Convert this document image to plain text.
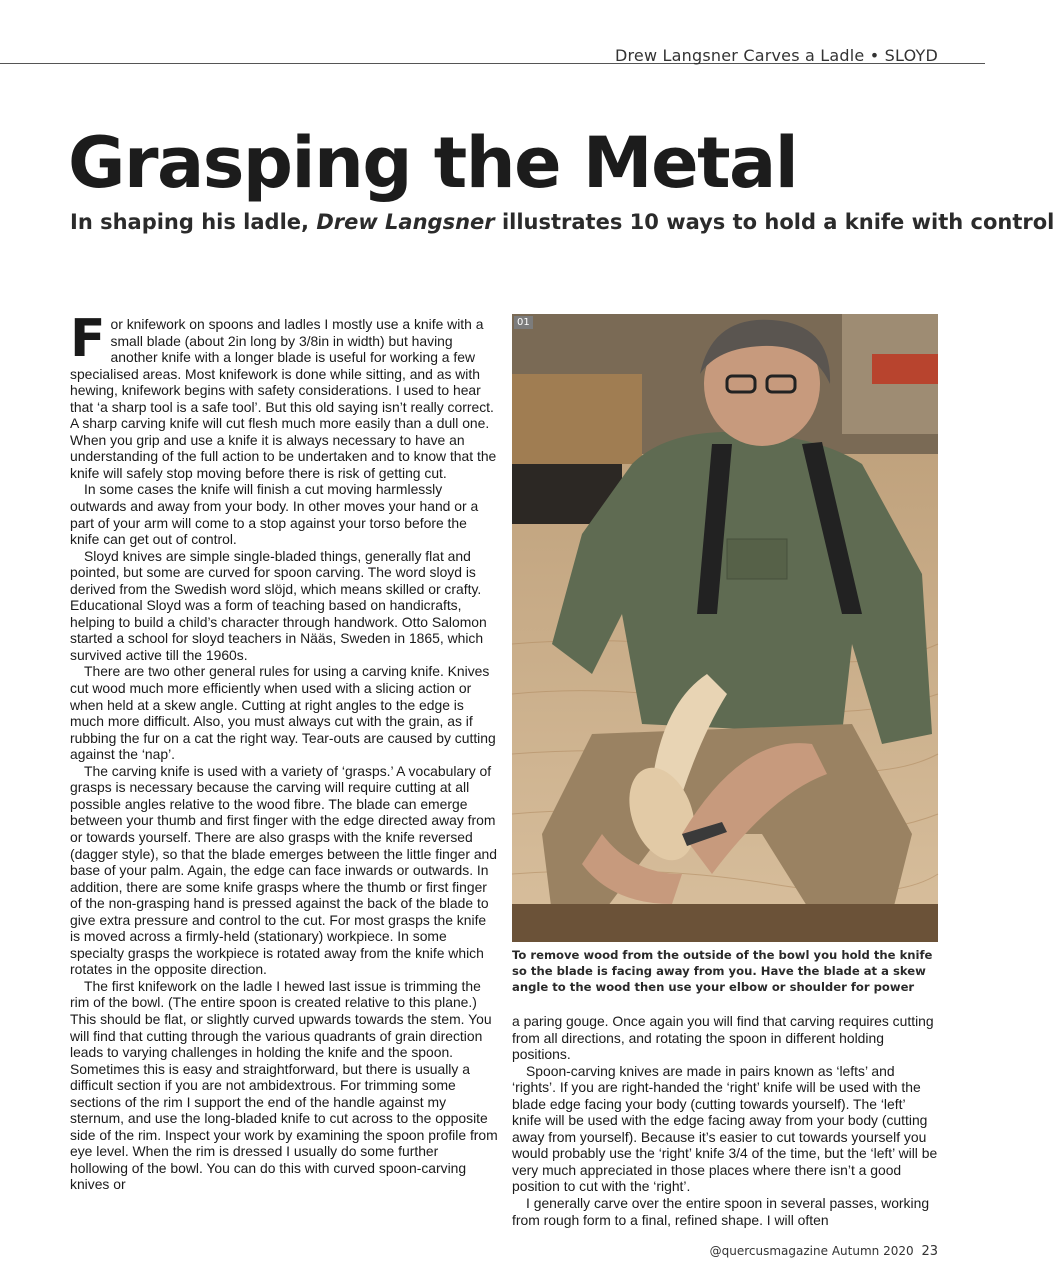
Drew Langsner Carves a Ladle • SLOYD
Grasping the Metal
In shaping his ladle, Drew Langsner illustrates 10 ways to hold a knife with control
F or knifework on spoons and ladles I mostly use a knife with a small blade (about 2in long by 3/8in in width) but having another knife with a longer blade is useful for working a few specialised areas. Most knifework is done while sitting, and as with hewing, knifework begins with safety considerations. I used to hear that ‘a sharp tool is a safe tool’. But this old saying isn’t really correct. A sharp carving knife will cut flesh much more easily than a dull one. When you grip and use a knife it is always necessary to have an understanding of the full action to be undertaken and to know that the knife will safely stop moving before there is risk of getting cut.

In some cases the knife will finish a cut moving harmlessly outwards and away from your body. In other moves your hand or a part of your arm will come to a stop against your torso before the knife can get out of control.

Sloyd knives are simple single-bladed things, generally flat and pointed, but some are curved for spoon carving. The word sloyd is derived from the Swedish word slöjd, which means skilled or crafty. Educational Sloyd was a form of teaching based on handicrafts, helping to build a child’s character through handwork. Otto Salomon started a school for sloyd teachers in Nääs, Sweden in 1865, which survived active till the 1960s.

There are two other general rules for using a carving knife. Knives cut wood much more efficiently when used with a slicing action or when held at a skew angle. Cutting at right angles to the edge is much more difficult. Also, you must always cut with the grain, as if rubbing the fur on a cat the right way. Tear-outs are caused by cutting against the ‘nap’.

The carving knife is used with a variety of ‘grasps.’ A vocabulary of grasps is necessary because the carving will require cutting at all possible angles relative to the wood fibre. The blade can emerge between your thumb and first finger with the edge directed away from or towards yourself. There are also grasps with the knife reversed (dagger style), so that the blade emerges between the little finger and base of your palm. Again, the edge can face inwards or outwards. In addition, there are some knife grasps where the thumb or first finger of the non-grasping hand is pressed against the back of the blade to give extra pressure and control to the cut. For most grasps the knife is moved across a firmly-held (stationary) workpiece. In some specialty grasps the workpiece is rotated away from the knife which rotates in the opposite direction.

The first knifework on the ladle I hewed last issue is trimming the rim of the bowl. (The entire spoon is created relative to this plane.) This should be flat, or slightly curved upwards towards the stem. You will find that cutting through the various quadrants of grain direction leads to varying challenges in holding the knife and the spoon. Sometimes this is easy and straightforward, but there is usually a difficult section if you are not ambidextrous. For trimming some sections of the rim I support the end of the handle against my sternum, and use the long-bladed knife to cut across to the opposite side of the rim. Inspect your work by examining the spoon profile from eye level. When the rim is dressed I usually do some further hollowing of the bowl. You can do this with curved spoon-carving knives or

01

To remove wood from the outside of the bowl you hold the knife so the blade is facing away from you. Have the blade at a skew angle to the wood then use your elbow or shoulder for power

a paring gouge. Once again you will find that carving requires cutting from all directions, and rotating the spoon in different holding positions.

Spoon-carving knives are made in pairs known as ‘lefts’ and ‘rights’. If you are right-handed the ‘right’ knife will be used with the blade edge facing your body (cutting towards yourself). The ‘left’ knife will be used with the edge facing away from your body (cutting away from yourself). Because it’s easier to cut towards yourself you would probably use the ‘right’ knife 3/4 of the time, but the ‘left’ will be very much appreciated in those places where there isn’t a good position to cut with the ‘right’.

I generally carve over the entire spoon in several passes, working from rough form to a final, refined shape. I will often

@quercusmagazine Autumn 2020 23
